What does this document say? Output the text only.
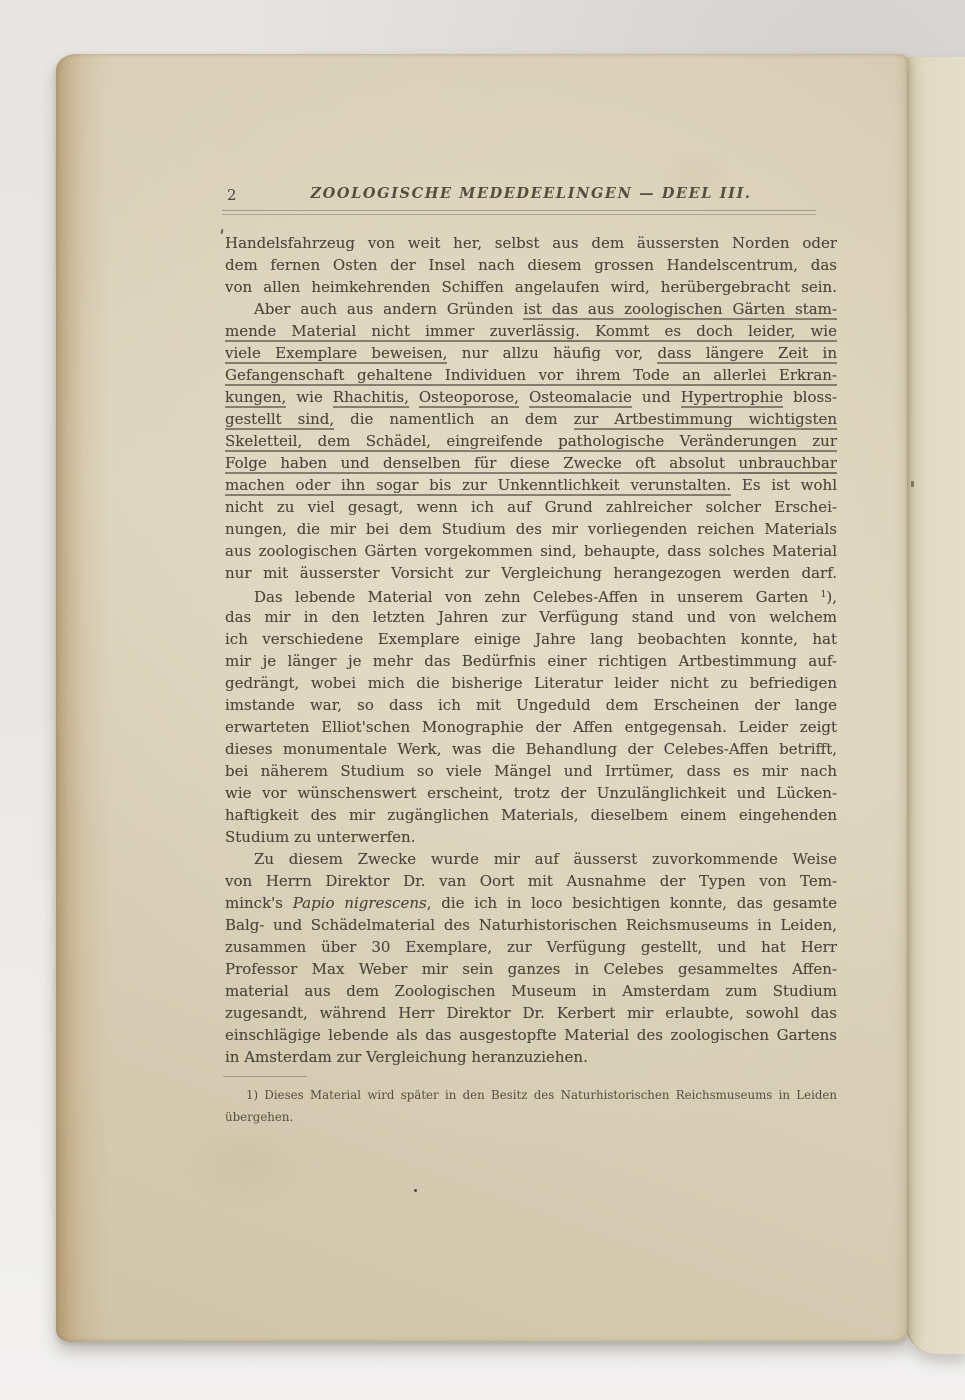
2	ZOOLOGISCHE MEDEDEELINGEN — DEEL III.
Handelsfahrzeug von weit her, selbst aus dem äussersten Norden oder
dem fernen Osten der Insel nach diesem grossen Handelscentrum, das
von allen heimkehrenden Schiffen angelaufen wird, herübergebracht sein.
Aber auch aus andern Gründen ist das aus zoologischen Gärten stam-
mende Material nicht immer zuverlässig. Kommt es doch leider, wie
viele Exemplare beweisen, nur allzu häufig vor, dass längere Zeit in
Gefangenschaft gehaltene Individuen vor ihrem Tode an allerlei Erkran-
kungen, wie Rhachitis, Osteoporose, Osteomalacie und Hypertrophie bloss-
gestellt sind, die namentlich an dem zur Artbestimmung wichtigsten
Skeletteil, dem Schädel, eingreifende pathologische Veränderungen zur
Folge haben und denselben für diese Zwecke oft absolut unbrauchbar
machen oder ihn sogar bis zur Unkenntlichkeit verunstalten. Es ist wohl
nicht zu viel gesagt, wenn ich auf Grund zahlreicher solcher Erschei-
nungen, die mir bei dem Studium des mir vorliegenden reichen Materials
aus zoologischen Gärten vorgekommen sind, behaupte, dass solches Material
nur mit äusserster Vorsicht zur Vergleichung herangezogen werden darf.
Das lebende Material von zehn Celebes-Affen in unserem Garten $^1$),
das mir in den letzten Jahren zur Verfügung stand und von welchem
ich verschiedene Exemplare einige Jahre lang beobachten konnte, hat
mir je länger je mehr das Bedürfnis einer richtigen Artbestimmung auf-
gedrängt, wobei mich die bisherige Literatur leider nicht zu befriedigen
imstande war, so dass ich mit Ungeduld dem Erscheinen der lange
erwarteten Elliot'schen Monographie der Affen entgegensah. Leider zeigt
dieses monumentale Werk, was die Behandlung der Celebes-Affen betrifft,
bei näherem Studium so viele Mängel und Irrtümer, dass es mir nach
wie vor wünschenswert erscheint, trotz der Unzulänglichkeit und Lücken-
haftigkeit des mir zugänglichen Materials, dieselbem einem eingehenden
Studium zu unterwerfen.
Zu diesem Zwecke wurde mir auf äusserst zuvorkommende Weise
von Herrn Direktor Dr. van Oort mit Ausnahme der Typen von Tem-
minck's Papio nigrescens, die ich in loco besichtigen konnte, das gesamte
Balg- und Schädelmaterial des Naturhistorischen Reichsmuseums in Leiden,
zusammen über 30 Exemplare, zur Verfügung gestellt, und hat Herr
Professor Max Weber mir sein ganzes in Celebes gesammeltes Affen-
material aus dem Zoologischen Museum in Amsterdam zum Studium
zugesandt, während Herr Direktor Dr. Kerbert mir erlaubte, sowohl das
einschlägige lebende als das ausgestopfte Material des zoologischen Gartens
in Amsterdam zur Vergleichung heranzuziehen.
1) Dieses Material wird später in den Besitz des Naturhistorischen Reichsmuseums in Leiden
übergehen.
